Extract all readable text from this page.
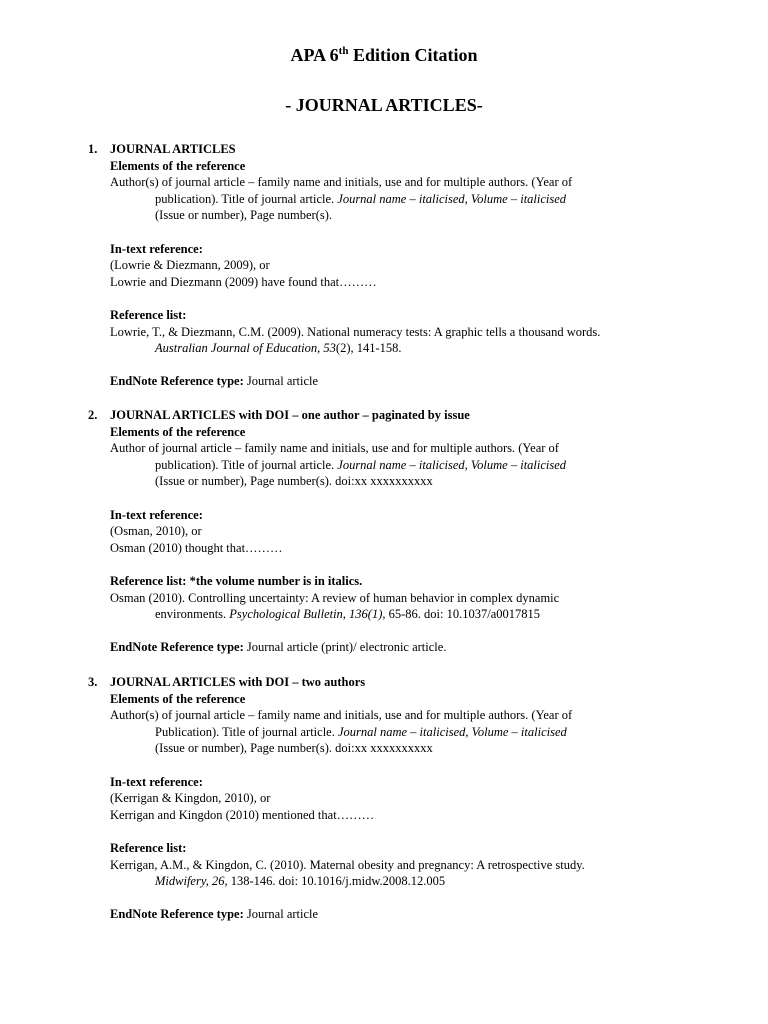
APA 6th Edition Citation
- JOURNAL ARTICLES-
1.	JOURNAL ARTICLES
Elements of the reference
Author(s) of journal article – family name and initials, use and for multiple authors. (Year of
publication). Title of journal article. Journal name – italicised, Volume – italicised
(Issue or number), Page number(s).
In-text reference:
(Lowrie & Diezmann, 2009), or
Lowrie and Diezmann (2009) have found that………
Reference list:
Lowrie, T., & Diezmann, C.M. (2009). National numeracy tests: A graphic tells a thousand words.
Australian Journal of Education, 53(2), 141-158.
EndNote Reference type: Journal article
2.	JOURNAL ARTICLES with DOI – one author – paginated by issue
Elements of the reference
Author of journal article – family name and initials, use and for multiple authors. (Year of
publication). Title of journal article. Journal name – italicised, Volume – italicised
(Issue or number), Page number(s). doi:xx xxxxxxxxxx
In-text reference:
(Osman, 2010), or
Osman (2010) thought that………
Reference list: *the volume number is in italics.
Osman (2010). Controlling uncertainty: A review of human behavior in complex dynamic
environments. Psychological Bulletin, 136(1), 65-86. doi: 10.1037/a0017815
EndNote Reference type: Journal article (print)/ electronic article.
3.	JOURNAL ARTICLES with DOI – two authors
Elements of the reference
Author(s) of journal article – family name and initials, use and for multiple authors. (Year of
Publication). Title of journal article. Journal name – italicised, Volume – italicised
(Issue or number), Page number(s). doi:xx xxxxxxxxxx
In-text reference:
(Kerrigan & Kingdon, 2010), or
Kerrigan and Kingdon (2010) mentioned that………
Reference list:
Kerrigan, A.M., & Kingdon, C. (2010). Maternal obesity and pregnancy: A retrospective study.
Midwifery, 26, 138-146. doi: 10.1016/j.midw.2008.12.005
EndNote Reference type: Journal article
